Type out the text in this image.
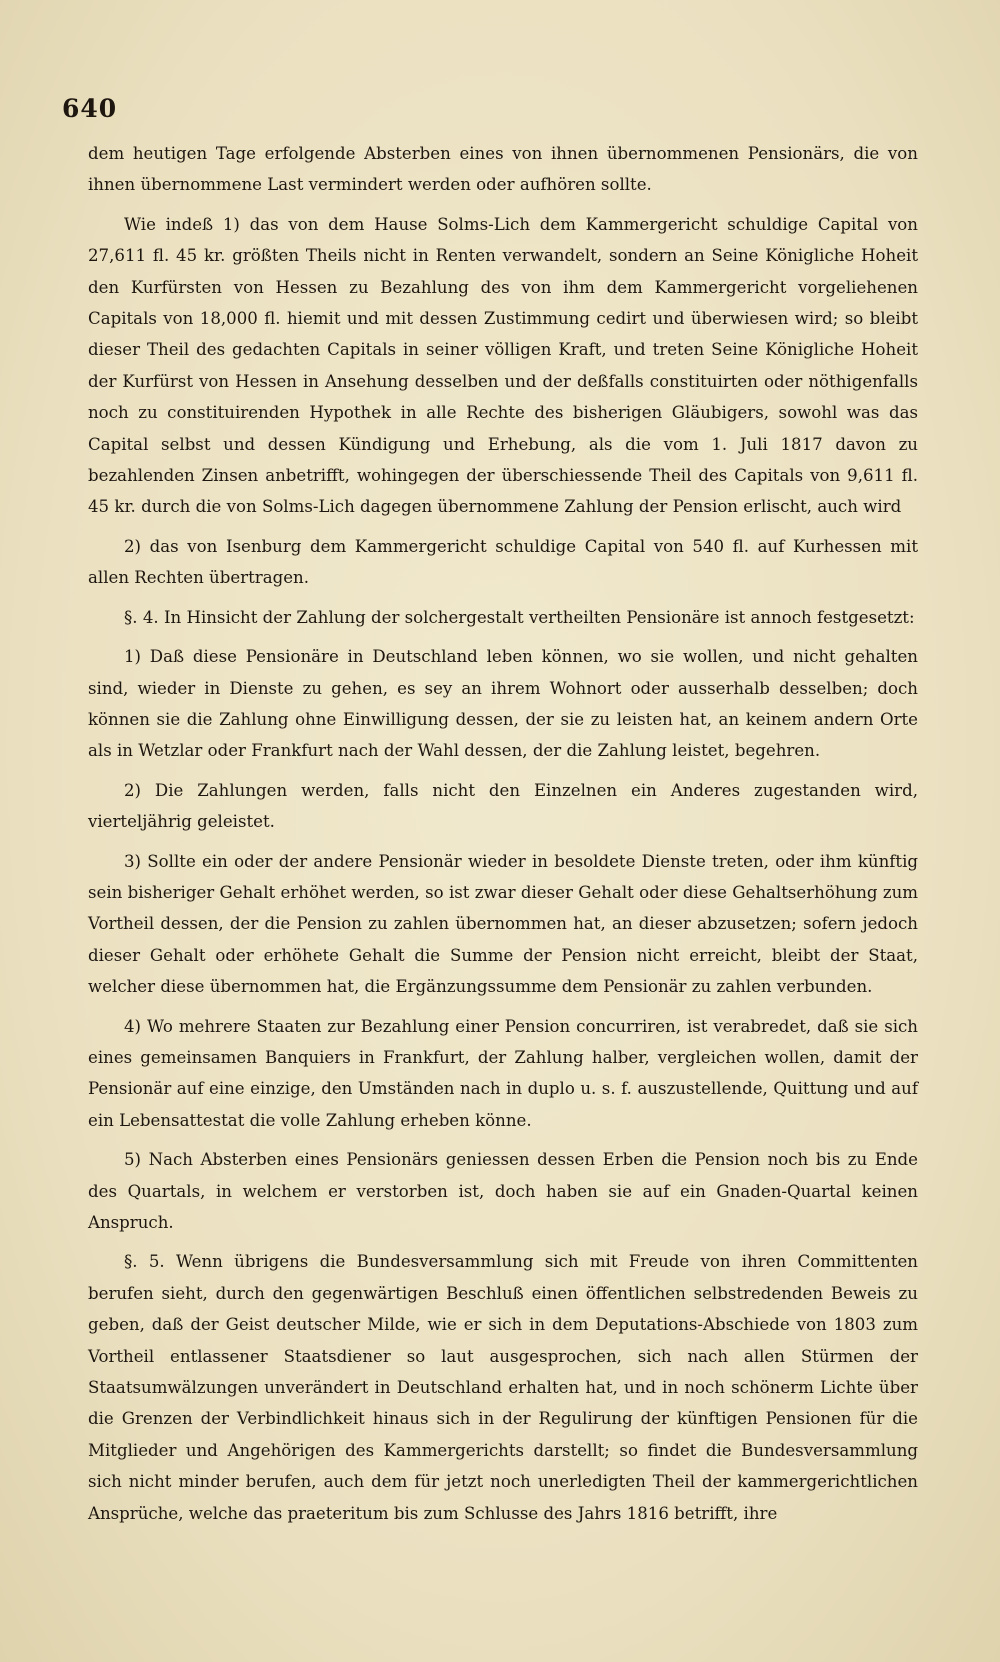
640

dem heutigen Tage erfolgende Absterben eines von ihnen übernommenen Pensionärs, die von ihnen übernommene Last vermindert werden oder aufhören sollte.

Wie indeß 1) das von dem Hause Solms-Lich dem Kammergericht schuldige Capital von 27,611 fl. 45 kr. größten Theils nicht in Renten verwandelt, sondern an Seine Königliche Hoheit den Kurfürsten von Hessen zu Bezahlung des von ihm dem Kammergericht vorgeliehenen Capitals von 18,000 fl. hiemit und mit dessen Zustimmung cedirt und überwiesen wird; so bleibt dieser Theil des gedachten Capitals in seiner völligen Kraft, und treten Seine Königliche Hoheit der Kurfürst von Hessen in Ansehung desselben und der deßfalls constituirten oder nöthigenfalls noch zu constituirenden Hypothek in alle Rechte des bisherigen Gläubigers, sowohl was das Capital selbst und dessen Kündigung und Erhebung, als die vom 1. Juli 1817 davon zu bezahlenden Zinsen anbetrifft, wohingegen der überschiessende Theil des Capitals von 9,611 fl. 45 kr. durch die von Solms-Lich dagegen übernommene Zahlung der Pension erlischt, auch wird

2) das von Isenburg dem Kammergericht schuldige Capital von 540 fl. auf Kurhessen mit allen Rechten übertragen.

§. 4. In Hinsicht der Zahlung der solchergestalt vertheilten Pensionäre ist annoch festgesetzt:

1) Daß diese Pensionäre in Deutschland leben können, wo sie wollen, und nicht gehalten sind, wieder in Dienste zu gehen, es sey an ihrem Wohnort oder ausserhalb desselben; doch können sie die Zahlung ohne Einwilligung dessen, der sie zu leisten hat, an keinem andern Orte als in Wetzlar oder Frankfurt nach der Wahl dessen, der die Zahlung leistet, begehren.

2) Die Zahlungen werden, falls nicht den Einzelnen ein Anderes zugestanden wird, vierteljährig geleistet.

3) Sollte ein oder der andere Pensionär wieder in besoldete Dienste treten, oder ihm künftig sein bisheriger Gehalt erhöhet werden, so ist zwar dieser Gehalt oder diese Gehaltserhöhung zum Vortheil dessen, der die Pension zu zahlen übernommen hat, an dieser abzusetzen; sofern jedoch dieser Gehalt oder erhöhete Gehalt die Summe der Pension nicht erreicht, bleibt der Staat, welcher diese übernommen hat, die Ergänzungssumme dem Pensionär zu zahlen verbunden.

4) Wo mehrere Staaten zur Bezahlung einer Pension concurriren, ist verabredet, daß sie sich eines gemeinsamen Banquiers in Frankfurt, der Zahlung halber, vergleichen wollen, damit der Pensionär auf eine einzige, den Umständen nach in duplo u. s. f. auszustellende, Quittung und auf ein Lebensattestat die volle Zahlung erheben könne.

5) Nach Absterben eines Pensionärs geniessen dessen Erben die Pension noch bis zu Ende des Quartals, in welchem er verstorben ist, doch haben sie auf ein Gnaden-Quartal keinen Anspruch.

§. 5. Wenn übrigens die Bundesversammlung sich mit Freude von ihren Committenten berufen sieht, durch den gegenwärtigen Beschluß einen öffentlichen selbstredenden Beweis zu geben, daß der Geist deutscher Milde, wie er sich in dem Deputations-Abschiede von 1803 zum Vortheil entlassener Staatsdiener so laut ausgesprochen, sich nach allen Stürmen der Staatsumwälzungen unverändert in Deutschland erhalten hat, und in noch schönerm Lichte über die Grenzen der Verbindlichkeit hinaus sich in der Regulirung der künftigen Pensionen für die Mitglieder und Angehörigen des Kammergerichts darstellt; so findet die Bundesversammlung sich nicht minder berufen, auch dem für jetzt noch unerledigten Theil der kammergerichtlichen Ansprüche, welche das praeteritum bis zum Schlusse des Jahrs 1816 betrifft, ihre
